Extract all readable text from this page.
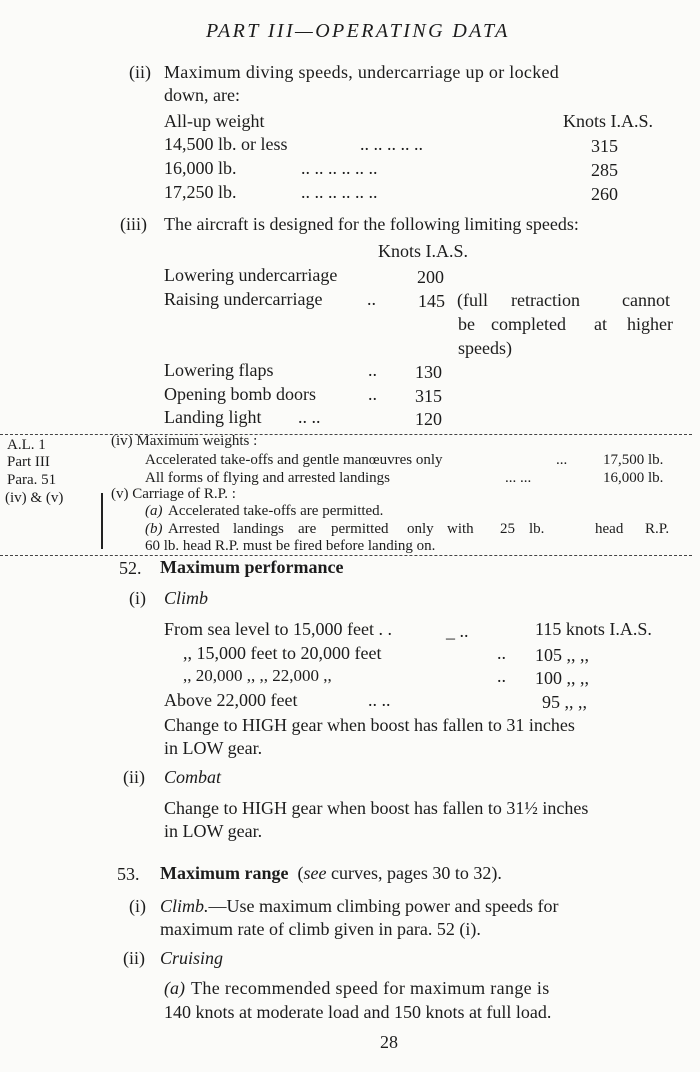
PART III—OPERATING DATA
(ii) Maximum diving speeds, undercarriage up or locked
down, are:
All-up weight	Knots I.A.S.
14,500 lb. or less	.. .. .. .. ..	315
16,000 lb.	.. .. .. .. .. ..	285
17,250 lb.	.. .. .. .. .. ..	260
(iii) The aircraft is designed for the following limiting speeds:
Knots I.A.S.
Lowering undercarriage	200
Raising undercarriage .. 145 (full retraction cannot
be completed at higher
speeds)
Lowering flaps	.. 130
Opening bomb doors	.. 315
Landing light .. ..	120
A.L. 1
Part III
Para. 51
(iv) & (v)
(iv) Maximum weights :
Accelerated take-offs and gentle manœuvres only	... 17,500 lb.
All forms of flying and arrested landings	... ...	16,000 lb.
(v) Carriage of R.P. :
(a) Accelerated take-offs are permitted.
(b) Arrested landings are permitted only with 25 lb.	head R.P.
60 lb. head R.P. must be fired before landing on.
52. Maximum performance
(i) Climb
From sea level to 15,000 feet . .	_ ..	115 knots I.A.S.
,, 15,000 feet to 20,000 feet	.. 105 ,, ,,
,, 20,000 ,, ,, 22,000 ,,	.. 100 ,, ,,
Above 22,000 feet	.. ..	95 ,, ,,
Change to HIGH gear when boost has fallen to 31 inches
in LOW gear.
(ii) Combat
Change to HIGH gear when boost has fallen to 31½ inches
in LOW gear.
53. Maximum range (see curves, pages 30 to 32).
(i) Climb.—Use maximum climbing power and speeds for
maximum rate of climb given in para. 52 (i).
(ii) Cruising
(a) The recommended speed for maximum range is
140 knots at moderate load and 150 knots at full load.
28
